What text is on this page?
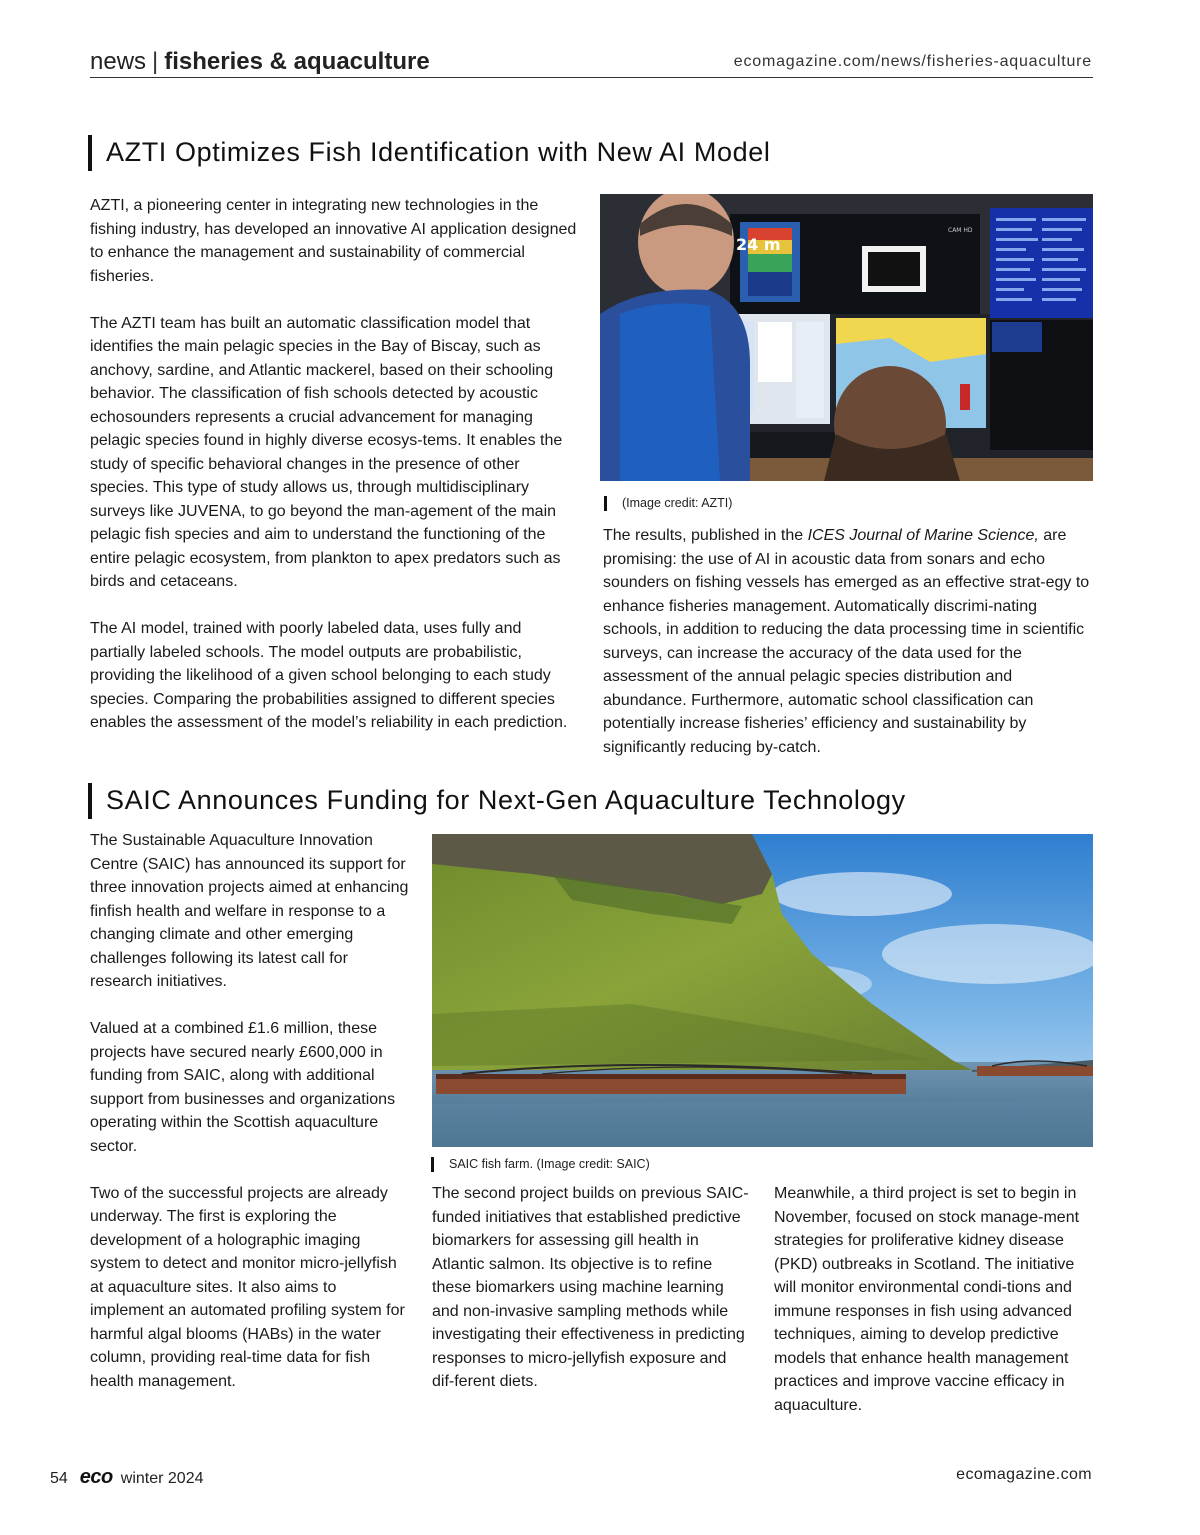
news | fisheries & aquaculture	ecomagazine.com/news/fisheries-aquaculture
AZTI Optimizes Fish Identification with New AI Model

AZTI, a pioneering center in integrating new technologies in the fishing industry, has developed an innovative AI application designed to enhance the management and sustainability of commercial fisheries.

The AZTI team has built an automatic classification model that identifies the main pelagic species in the Bay of Biscay, such as anchovy, sardine, and Atlantic mackerel, based on their schooling behavior. The classification of fish schools detected by acoustic echosounders represents a crucial advancement for managing pelagic species found in highly diverse ecosys-tems. It enables the study of specific behavioral changes in the presence of other species. This type of study allows us, through multidisciplinary surveys like JUVENA, to go beyond the man-agement of the main pelagic fish species and aim to understand the functioning of the entire pelagic ecosystem, from plankton to apex predators such as birds and cetaceans.

The AI model, trained with poorly labeled data, uses fully and partially labeled schools. The model outputs are probabilistic, providing the likelihood of a given school belonging to each study species. Comparing the probabilities assigned to different species enables the assessment of the model’s reliability in each prediction.

24 m
CAM HD
(Image credit: AZTI)

The results, published in the ICES Journal of Marine Science, are promising: the use of AI in acoustic data from sonars and echo sounders on fishing vessels has emerged as an effective strat-egy to enhance fisheries management. Automatically discrimi-nating schools, in addition to reducing the data processing time in scientific surveys, can increase the accuracy of the data used for the assessment of the annual pelagic species distribution and abundance. Furthermore, automatic school classification can potentially increase fisheries’ efficiency and sustainability by significantly reducing by-catch.

SAIC Announces Funding for Next-Gen Aquaculture Technology

The Sustainable Aquaculture Innovation Centre (SAIC) has announced its support for three innovation projects aimed at enhancing finfish health and welfare in response to a changing climate and other emerging challenges following its latest call for research initiatives.

Valued at a combined £1.6 million, these projects have secured nearly £600,000 in funding from SAIC, along with additional support from businesses and organizations operating within the Scottish aquaculture sector.

Two of the successful projects are already underway. The first is exploring the development of a holographic imaging system to detect and monitor micro-jellyfish at aquaculture sites. It also aims to implement an automated profiling system for harmful algal blooms (HABs) in the water column, providing real-time data for fish health management.

SAIC fish farm. (Image credit: SAIC)

The second project builds on previous SAIC-funded initiatives that established predictive biomarkers for assessing gill health in Atlantic salmon. Its objective is to refine these biomarkers using machine learning and non-invasive sampling methods while investigating their effectiveness in predicting responses to micro-jellyfish exposure and dif-ferent diets.

Meanwhile, a third project is set to begin in November, focused on stock manage-ment strategies for proliferative kidney disease (PKD) outbreaks in Scotland. The initiative will monitor environmental condi-tions and immune responses in fish using advanced techniques, aiming to develop predictive models that enhance health management practices and improve vaccine efficacy in aquaculture.

54 eco winter 2024	ecomagazine.com
